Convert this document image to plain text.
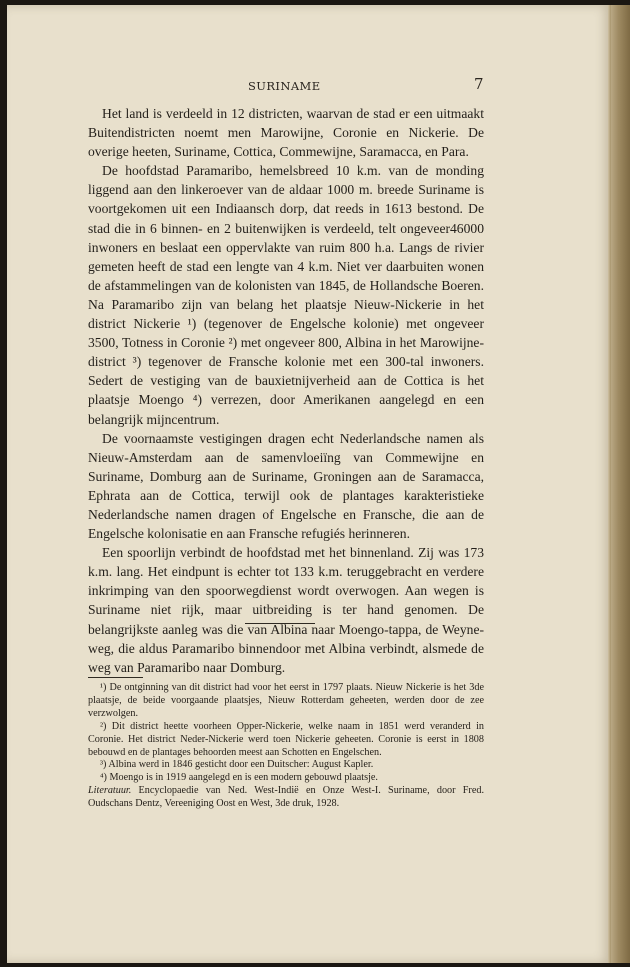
SURINAME	7

Het land is verdeeld in 12 districten, waarvan de stad er een uitmaakt Buitendistricten noemt men Marowijne, Coronie en Nickerie. De overige heeten, Suriname, Cottica, Commewijne, Saramacca, en Para.

De hoofdstad Paramaribo, hemelsbreed 10 k.m. van de monding liggend aan den linkeroever van de aldaar 1000 m. breede Suriname is voortgekomen uit een Indiaansch dorp, dat reeds in 1613 bestond. De stad die in 6 binnen- en 2 buitenwijken is verdeeld, telt ongeveer46000 inwoners en beslaat een oppervlakte van ruim 800 h.a. Langs de rivier gemeten heeft de stad een lengte van 4 k.m. Niet ver daarbuiten wonen de afstammelingen van de kolonisten van 1845, de Hollandsche Boeren. Na Paramaribo zijn van belang het plaatsje Nieuw-Nickerie in het district Nickerie ¹) (tegenover de Engelsche kolonie) met ongeveer 3500, Totness in Coronie ²) met ongeveer 800, Albina in het Marowijne-district ³) tegenover de Fransche kolonie met een 300-tal inwoners. Sedert de vestiging van de bauxietnijverheid aan de Cottica is het plaatsje Moengo ⁴) verrezen, door Amerikanen aangelegd en een belangrijk mijncentrum.

De voornaamste vestigingen dragen echt Nederlandsche namen als Nieuw-Amsterdam aan de samenvloeiïng van Commewijne en Suriname, Domburg aan de Suriname, Groningen aan de Saramacca, Ephrata aan de Cottica, terwijl ook de plantages karakteristieke Nederlandsche namen dragen of Engelsche en Fransche, die aan de Engelsche kolonisatie en aan Fransche refugiés herinneren.

Een spoorlijn verbindt de hoofdstad met het binnenland. Zij was 173 k.m. lang. Het eindpunt is echter tot 133 k.m. teruggebracht en verdere inkrimping van den spoorwegdienst wordt overwogen. Aan wegen is Suriname niet rijk, maar uitbreiding is ter hand genomen. De belangrijkste aanleg was die van Albina naar Moengo-tappa, de Weyne-weg, die aldus Paramaribo binnendoor met Albina verbindt, alsmede de weg van Paramaribo naar Domburg.

¹) De ontginning van dit district had voor het eerst in 1797 plaats. Nieuw Nickerie is het 3de plaatsje, de beide voorgaande plaatsjes, Nieuw Rotterdam geheeten, werden door de zee verzwolgen.

²) Dit district heette voorheen Opper-Nickerie, welke naam in 1851 werd veranderd in Coronie. Het district Neder-Nickerie werd toen Nickerie geheeten. Coronie is eerst in 1808 bebouwd en de plantages behoorden meest aan Schotten en Engelschen.

³) Albina werd in 1846 gesticht door een Duitscher: August Kapler.

⁴) Moengo is in 1919 aangelegd en is een modern gebouwd plaatsje.

Literatuur. Encyclopaedie van Ned. West-Indië en Onze West-I. Suriname, door Fred. Oudschans Dentz, Vereeniging Oost en West, 3de druk, 1928.
